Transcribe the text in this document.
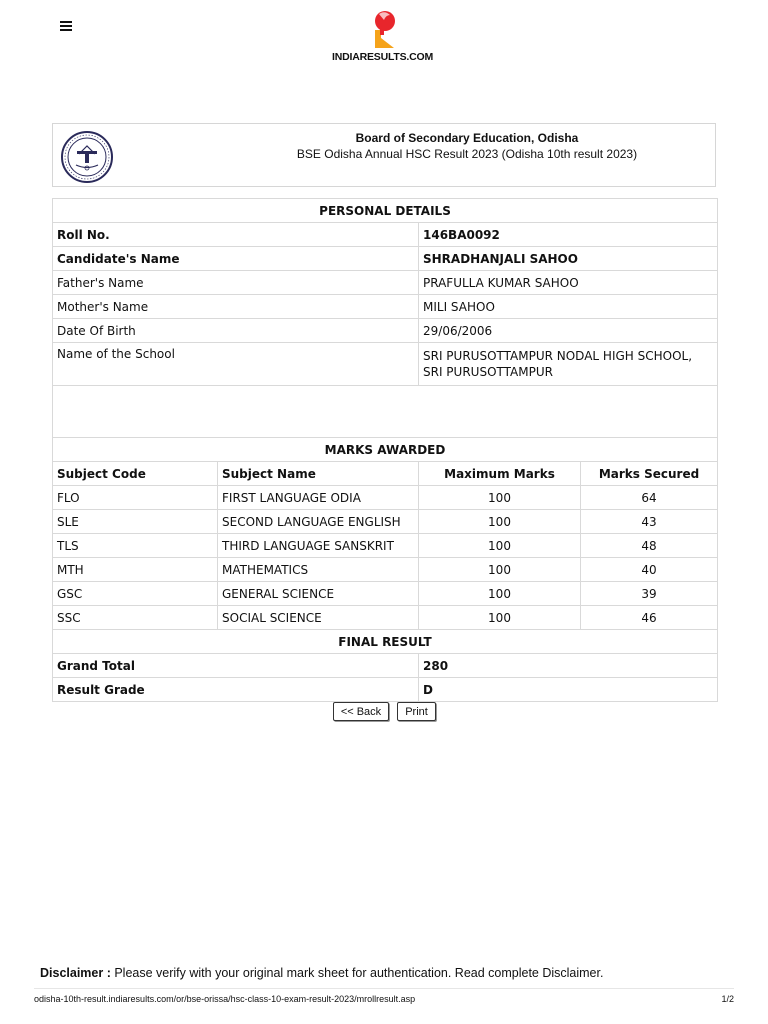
INDIARESULTS.COM
Board of Secondary Education, Odisha
BSE Odisha Annual HSC Result 2023 (Odisha 10th result 2023)
PERSONAL DETAILS			
Roll No.		146BA0092	
Candidate's Name		SHRADHANJALI SAHOO	
Father's Name		PRAFULLA KUMAR SAHOO	
Mother's Name		MILI SAHOO	
Date Of Birth		29/06/2006	
Name of the School		SRI PURUSOTTAMPUR NODAL HIGH SCHOOL, SRI PURUSOTTAMPUR	

MARKS AWARDED			
Subject Code	Subject Name	Maximum Marks	Marks Secured
FLO	FIRST LANGUAGE ODIA	100	64
SLE	SECOND LANGUAGE ENGLISH	100	43
TLS	THIRD LANGUAGE SANSKRIT	100	48
MTH	MATHEMATICS	100	40
GSC	GENERAL SCIENCE	100	39
SSC	SOCIAL SCIENCE	100	46
FINAL RESULT			
Grand Total		280	
Result Grade		D	
<< Back	Print
Disclaimer : Please verify with your original mark sheet for authentication. Read complete Disclaimer.
odisha-10th-result.indiaresults.com/or/bse-orissa/hsc-class-10-exam-result-2023/mrollresult.asp	1/2
